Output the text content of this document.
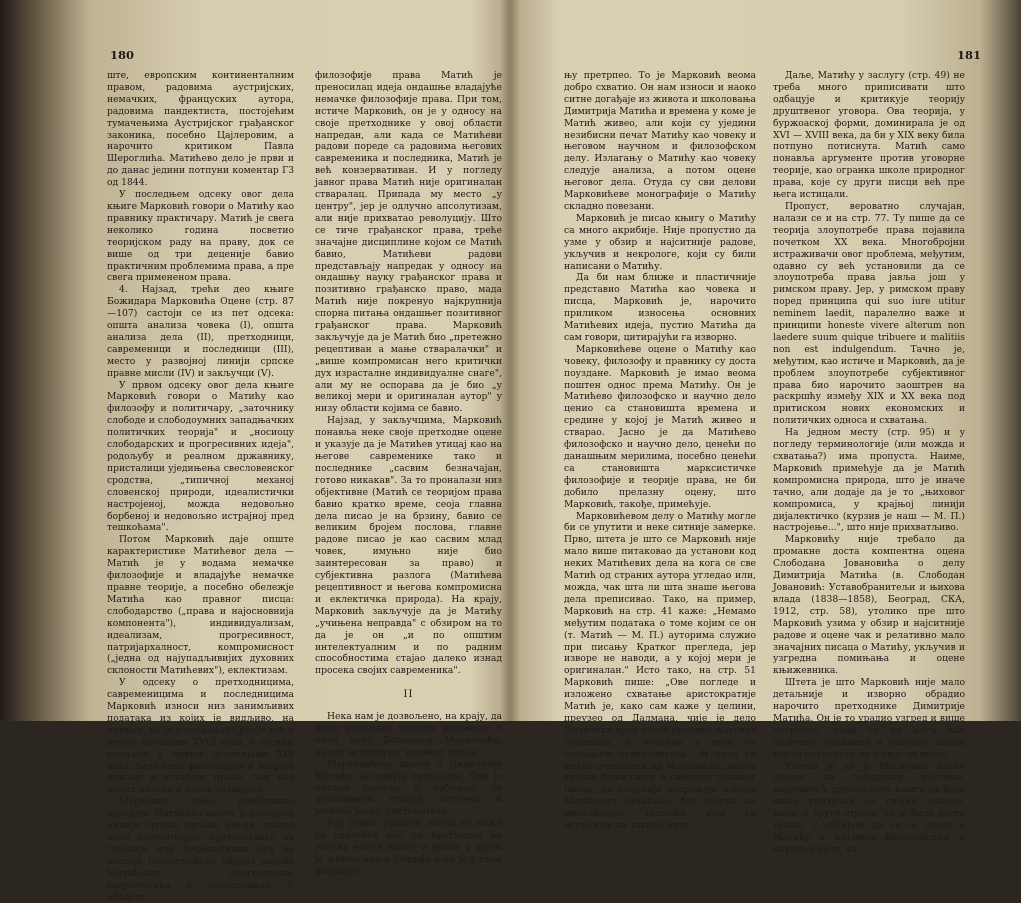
180

ште, европским континенталним правом, радовима аустријских, немачких, француских аутора, радовима пандектиста, постојећим тумачењима Аустријског грађанског законика, посебно Цајлеровим, а нарочито критиком Павла Шероглића. Матићево дело је први и до данас једини потпуни коментар ГЗ од 1844.

У последњем одсеку овог дела књиге Марковић говори о Матићу као правнику практичару. Матић је свега неколико година посветио теоријском раду на праву, док се више од три деценије бавио практичним проблемима права, а пре свега примененом права.

4. Најзад, трећи део књиге Божидара Марковића Оцене (стр. 87—107) састоји се из пет одсека: општа анализа човека (I), општа анализа дела (II), претходници, савременици и последници (III), место у развојној линији српске правне мисли (IV) и закључци (V).

У првом одсеку овог дела књиге Марковић говори о Матићу као филозофу и политичару, „заточнику слободе и слободоумних западњачких политичких теорија" и „носиоцу слободарских и прогресивних идеја", родољубу и реалном државнику, присталици уједињења свесловенског сродства, „типичној механој словенској природи, идеалистички настројеној, можда недовољно борбеној и недовољно истрајној пред тешкоћама".

Потом Марковић даје опште карактеристике Матићевог дела — Матић је у водама немачке филозофије и владајуће немачке правне теорије, а посебно обележје Матића као правног писца: слободарство („права и најосновнија компонента"), индивидуализам, идеализам, прогресивност, патријархалност, компромисност („једна од најупадљивијих духовних склоности Матићевих"), еклектизам.

У одсеку о претходницима, савременицима и последницима Марковић износи низ занимљивих података из којих је видљиво, на пример, да је у опадању) Србији већ у другој половини XVIII века, а сасвим уочљиво у првим деценијама XIX века, било неке филозофије и теорије државе и уставног права, чак код неких писаца и доста развијене.

Марковић само приближно одређује Матићево место у развојној линији српске правне мисли, пошто неке елементарне претпоставке за трајнији или дефинитивни суд не постоје (монографска обрада радова Матићевих претходника, савременика и последника). У области

филозофије права Матић је преносилац идеја ондашње владајуће немачке филозофије права. При том, истиче Марковић, он је у односу на своје претходнике у овој области напредан, али када се Матићеви радови пореде са радовима његових савременика и последника, Матић је већ конзервативан. И у погледу јавног права Матић није оригиналан стваралац. Припада му место „у центру", јер је одлучно апсолутизам, али није прихватао револуцију. Што се тиче грађанског права, треће значајне дисциплине којом се Матић бавио, Матићеви радови представљају напредак у односу на ондашњу науку грађанског права и позитивно грађанско право, мада Матић није покренуо најкрупнија спорна питања ондашњег позитивног грађанског права. Марковић закључује да је Матић био „претежно рецептиван а мање стваралачки" и „више компромисан него критички дух израсталне индивидуалне снаге", али му не оспорава да је био „у великој мери и оригиналан аутор" у низу области којима се бавио.

Најзад, у закључцима, Марковић понавља неке своје претходне оцене и указује да је Матићев утицај као на његове савременике тако и последнике „сасвим безначајан, готово никакав". За то проналази низ објективне (Матић се теоријом права бавио кратко време, сеоја главна дела писао је на брзину, бавио се великим бројем послова, главне радове писао је као сасвим млад човек, имуњно није био заинтересован за право) и субјективна разлога (Матићева рецептивност и његова компромисна и еклектичка природа). На крају, Марковић закључује да је Матићу „учињена неправда" с обзиром на то да је он „и по општим интелектуалним и по радним способностима стајао далеко изнад просека својих савременика".

II

Нека нам је дозвољено, на крају, да дамо неколико општих напомена о овом делу Божидара Марковића, нашег истакнутог правног писца.

Марковићева књига о Димитрију Матићу заслужује пришанне. Она је писана савесно и озбиљно, са познавањем ствари, логички и језички јасно, систематски.

Рад једног правног писца не може се схватити ако се претходно не упозна његов живот и време у којем је живео, као и утицаји који је у свом формира-

181

њу претрпео. То је Марковић веома добро схватио. Он нам износи и наоко ситне догађаје из живота и школовања Димитрија Матића и времена у коме је Матић живео, али који су уједини незибисни печат Матићу као човеку и његовом научном и филозофском делу. Излагању о Матићу као човеку следује анализа, а потом оцене његовог дела. Отуда су сви делови Марковићеве монографије о Матићу складно повезани.

Марковић је писао књигу о Матићу са много акрибије. Није пропустио да узме у обзир и најситније радове, укључив и некрологе, који су били написани о Матићу.

Да би нам ближе и пластичније представио Матића као човека и писца, Марковић је, нарочито приликом износења основних Матићевих идеја, пустио Матића да сам говори, цитирајући га изворно.

Марковићеве оцене о Матићу као човеку, филозофу и правнику су доста поуздане. Марковић је имао веома поштен однос према Матићу. Он је Матићево филозофско и научно дело ценио са становишта времена и средине у којој је Матић живео и стварао. Јасно је да Матићево филозофско и научно дело, ценећи по данашњим мерилима, посебно ценећи са становишта марксистичке филозофије и теорије права, не би добило прелазну оцену, што Марковић, такође, примећује.

Марковићевом делу о Матићу могле би се упутити и неке ситније замерке. Прво, штета је што се Марковић није мало више питаковао да установи код неких Матићевих дела на кога се све Матић од страних аутора угледао или, можда, чак шта ли шта знаше његова дела преписивао. Тако, на пример, Марковић на стр. 41 каже: „Немамо међутим података о томе којим се он (т. Матић — М. П.) ауторима служио при писању Кратког прегледа, јер изворе не наводи, а у којој мери је оригиналан." Исто тако, на стр. 51 Марковић пише: „Ове погледе и изложено схватање аристократије Матић је, како сам каже у целини, преузео од Далмана, чије је дело Политика врло често предмет његових позивања, а посебно у вези са стицањем суверенитета." И овде се могло очекивати од Марковића, иначе крајње брижљивог и савесног правног писца, да упорније истражује изворе Матићевих схватања, без обзира на многобројне тешкоће које се испречују на таквом путу.

Даље, Матићу у заслугу (стр. 49) не треба много приписивати што одбацује и критикује теорију друштвеног уговора. Ова теорија, у буржоаској форми, доминирала је од XVI — XVIII века, да би у XIX веку била потпуно потиснута. Матић само понавља аргументе против уговорне теорије, као огранка школе природног права, које су други писци већ пре њега истицали.

Пропуст, вероватно случајан, налази се и на стр. 77. Ту пише да се теорија злоупотребе права појавила почетком XX века. Многобројни истраживачи овог проблема, међутим, одавно су већ установили да се злоупотреба права јавља још у римском праву. Јер, у римском праву поред принципа qui suo iure utitur neminem laedit, паралелно важе и принципи honeste vivere alterum non laedere suum quique tribuere и malitiis non est indulgendum. Тачно је, међутим, као истиче и Марковић, да је проблем злоупотребе субјективног права био нарочито заоштрен на раскршћу између XIX и XX века под притиском нових економских и политичких односа и схватања.

На једном месту (стр. 95) и у погледу терминологије (или можда и схватања?) има пропуста. Наиме, Марковић примећује да је Матић компромисна природа, што је иначе тачно, али додаје да је то „њиховог компромиса, у крајњој линији дијалектичко (курзив је наш — М. П.) настројење...", што није прихватљиво.

Марковићу није требало да промакне доста компентна оцена Слободана Јовановића о делу Димитрија Матића (в. Слободан Јовановић: Уставобранитељи и њихова влада (1838—1858), Београд, СКА, 1912, стр. 58), утолико пре што Марковић узима у обзир и најситније радове и оцене чак и релативно мало значајних писаца о Матићу, укључив и узгредна помињања и оцене књижевника.

Штета је што Марковић није мало детаљније и изворно обрадио нарочито претходнике Димитрије Матића. Он је то урадио узгред и више посредно, мада се од њега као одличног правника и савесног писца могло очекивати да и овде да више.

Утисак је да је Марковић могао делом, на појединим местима, нарочито у другом делу књиге да буде више критичан са својим ставом, мада, с друге стране, то је било доста тешко, с обзиром да су се оцене о Матићу и његовом филозофском и научном делу, ка-
